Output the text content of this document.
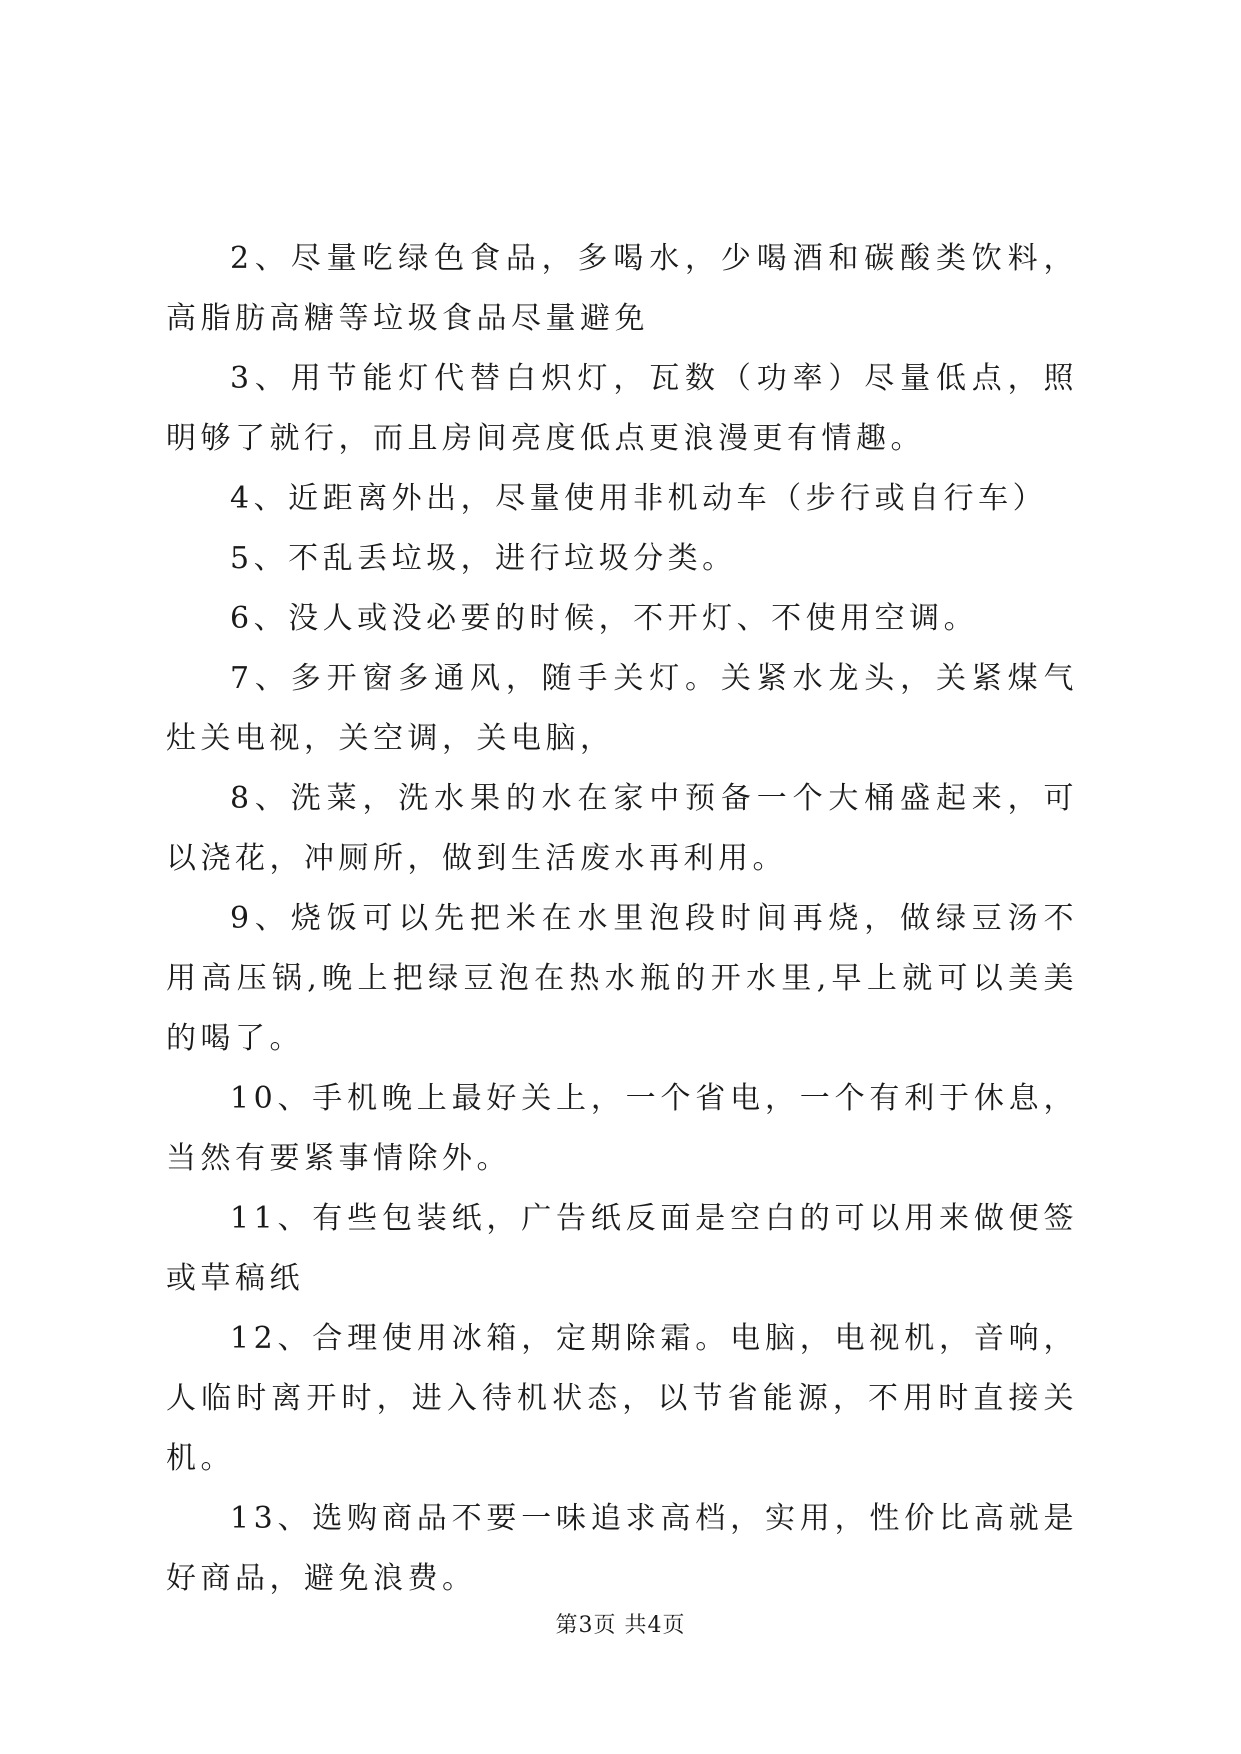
2、尽量吃绿色食品，多喝水，少喝酒和碳酸类饮料，高脂肪高糖等垃圾食品尽量避免

3、用节能灯代替白炽灯，瓦数（功率）尽量低点，照明够了就行，而且房间亮度低点更浪漫更有情趣。

4、近距离外出，尽量使用非机动车（步行或自行车）

5、不乱丢垃圾，进行垃圾分类。

6、没人或没必要的时候，不开灯、不使用空调。

7、多开窗多通风，随手关灯。关紧水龙头，关紧煤气灶关电视，关空调，关电脑，

8、洗菜，洗水果的水在家中预备一个大桶盛起来，可以浇花，冲厕所，做到生活废水再利用。

9、烧饭可以先把米在水里泡段时间再烧，做绿豆汤不用高压锅,晚上把绿豆泡在热水瓶的开水里,早上就可以美美的喝了。

10、手机晚上最好关上，一个省电，一个有利于休息，当然有要紧事情除外。

11、有些包装纸，广告纸反面是空白的可以用来做便签或草稿纸

12、合理使用冰箱，定期除霜。电脑，电视机，音响，人临时离开时，进入待机状态，以节省能源，不用时直接关机。

13、选购商品不要一味追求高档，实用，性价比高就是好商品，避免浪费。

第3页 共4页
